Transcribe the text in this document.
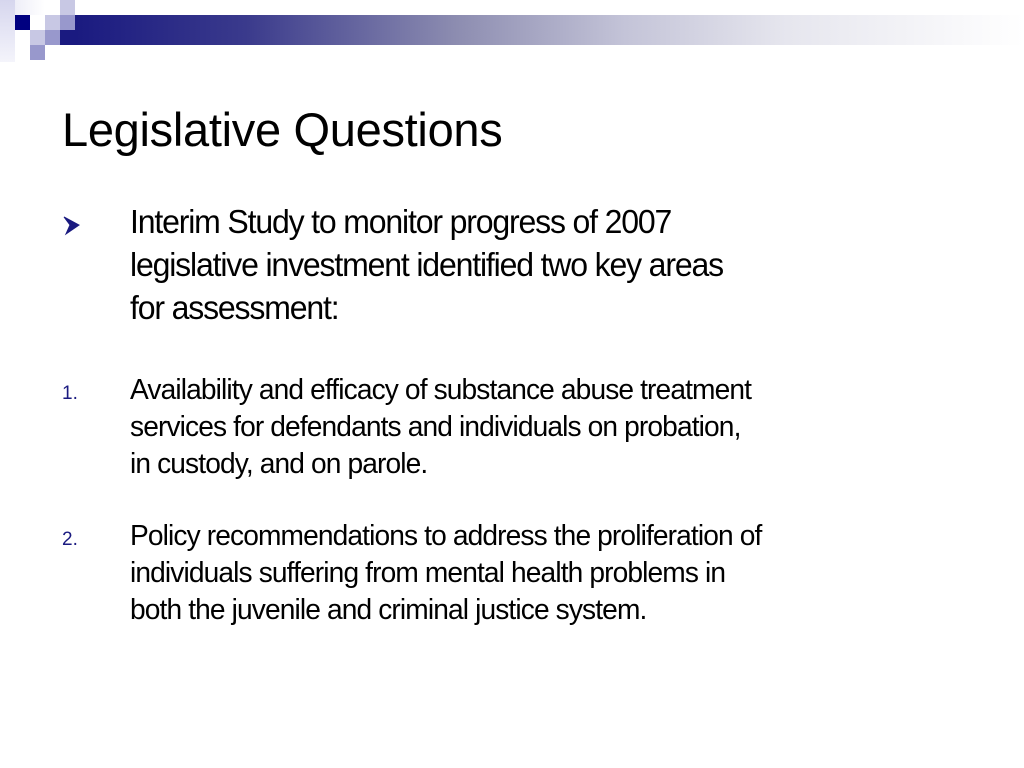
Legislative Questions
Interim Study to monitor progress of 2007
legislative investment identified two key areas
for assessment:
1. Availability and efficacy of substance abuse treatment
services for defendants and individuals on probation,
in custody, and on parole.
2. Policy recommendations to address the proliferation of
individuals suffering from mental health problems in
both the juvenile and criminal justice system.
